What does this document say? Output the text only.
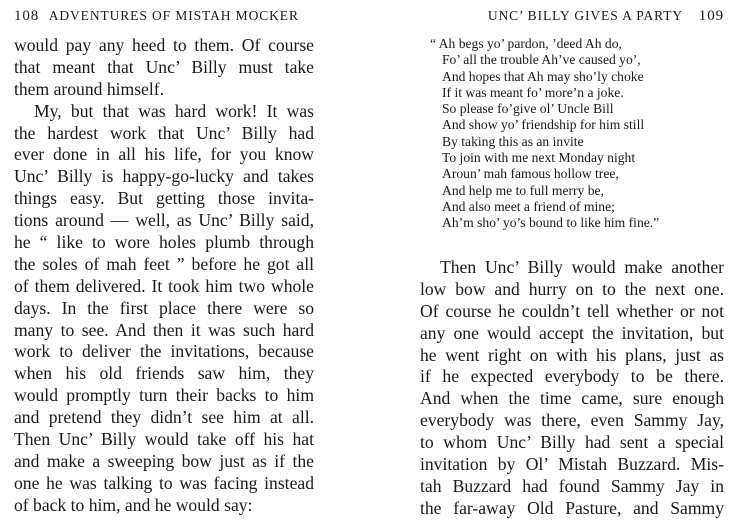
108 ADVENTURES OF MISTAH MOCKER
would pay any heed to them. Of course
that meant that Unc’ Billy must take
them around himself.
My, but that was hard work! It was
the hardest work that Unc’ Billy had
ever done in all his life, for you know
Unc’ Billy is happy-go-lucky and takes
things easy. But getting those invita-
tions around — well, as Unc’ Billy said,
he “ like to wore holes plumb through
the soles of mah feet ” before he got all
of them delivered. It took him two whole
days. In the first place there were so
many to see. And then it was such hard
work to deliver the invitations, because
when his old friends saw him, they
would promptly turn their backs to him
and pretend they didn’t see him at all.
Then Unc’ Billy would take off his hat
and make a sweeping bow just as if the
one he was talking to was facing instead
of back to him, and he would say:
UNC’ BILLY GIVES A PARTY 109
“ Ah begs yo’ pardon, ’deed Ah do,
Fo’ all the trouble Ah’ve caused yo’,
And hopes that Ah may sho’ly choke
If it was meant fo’ more’n a joke.
So please fo’give ol’ Uncle Bill
And show yo’ friendship for him still
By taking this as an invite
To join with me next Monday night
Aroun’ mah famous hollow tree,
And help me to full merry be,
And also meet a friend of mine;
Ah’m sho’ yo’s bound to like him fine.”
Then Unc’ Billy would make another
low bow and hurry on to the next one.
Of course he couldn’t tell whether or not
any one would accept the invitation, but
he went right on with his plans, just as
if he expected everybody to be there.
And when the time came, sure enough
everybody was there, even Sammy Jay,
to whom Unc’ Billy had sent a special
invitation by Ol’ Mistah Buzzard. Mis-
tah Buzzard had found Sammy Jay in
the far-away Old Pasture, and Sammy
